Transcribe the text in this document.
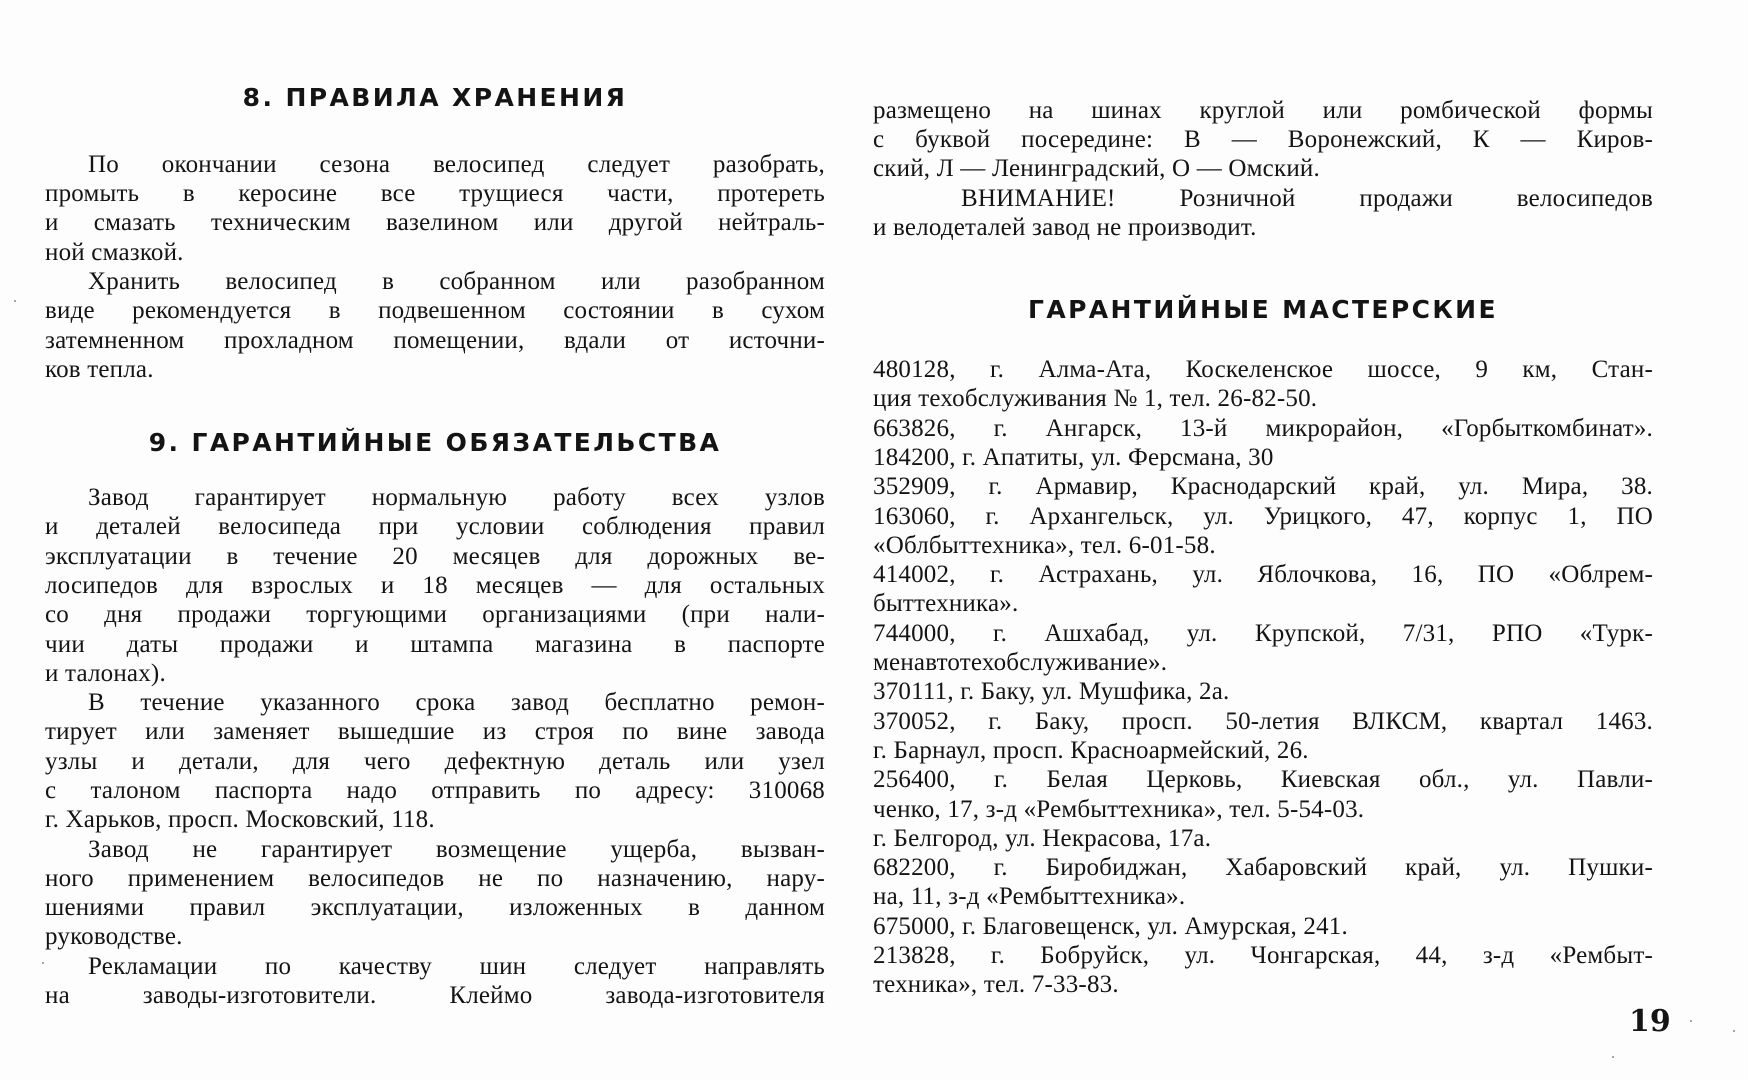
8. ПРАВИЛА ХРАНЕНИЯ
По окончании сезона велосипед следует разобрать,
промыть в керосине все трущиеся части, протереть
и смазать техническим вазелином или другой нейтраль-
ной смазкой.
Хранить велосипед в собранном или разобранном
виде рекомендуется в подвешенном состоянии в сухом
затемненном прохладном помещении, вдали от источни-
ков тепла.
9. ГАРАНТИЙНЫЕ ОБЯЗАТЕЛЬСТВА
Завод гарантирует нормальную работу всех узлов
и деталей велосипеда при условии соблюдения правил
эксплуатации в течение 20 месяцев для дорожных ве-
лосипедов для взрослых и 18 месяцев — для остальных
со дня продажи торгующими организациями (при нали-
чии даты продажи и штампа магазина в паспорте
и талонах).
В течение указанного срока завод бесплатно ремон-
тирует или заменяет вышедшие из строя по вине завода
узлы и детали, для чего дефектную деталь или узел
с талоном паспорта надо отправить по адресу: 310068
г. Харьков, просп. Московский, 118.
Завод не гарантирует возмещение ущерба, вызван-
ного применением велосипедов не по назначению, нару-
шениями правил эксплуатации, изложенных в данном
руководстве.
Рекламации по качеству шин следует направлять
на заводы-изготовители. Клеймо завода-изготовителя
размещено на шинах круглой или ромбической формы
с буквой посередине: В — Воронежский, К — Киров-
ский, Л — Ленинградский, О — Омский.
ВНИМАНИЕ! Розничной продажи велосипедов
и велодеталей завод не производит.
ГАРАНТИЙНЫЕ МАСТЕРСКИЕ
480128, г. Алма-Ата, Коскеленское шоссе, 9 км, Стан-
ция техобслуживания № 1, тел. 26-82-50.
663826, г. Ангарск, 13-й микрорайон, «Горбыткомбинат».
184200, г. Апатиты, ул. Ферсмана, 30
352909, г. Армавир, Краснодарский край, ул. Мира, 38.
163060, г. Архангельск, ул. Урицкого, 47, корпус 1, ПО
«Облбыттехника», тел. 6-01-58.
414002, г. Астрахань, ул. Яблочкова, 16, ПО «Облрем-
быттехника».
744000, г. Ашхабад, ул. Крупской, 7/31, РПО «Турк-
менавтотехобслуживание».
370111, г. Баку, ул. Мушфика, 2а.
370052, г. Баку, просп. 50-летия ВЛКСМ, квартал 1463.
г. Барнаул, просп. Красноармейский, 26.
256400, г. Белая Церковь, Киевская обл., ул. Павли-
ченко, 17, з-д «Рембыттехника», тел. 5-54-03.
г. Белгород, ул. Некрасова, 17а.
682200, г. Биробиджан, Хабаровский край, ул. Пушки-
на, 11, з-д «Рембыттехника».
675000, г. Благовещенск, ул. Амурская, 241.
213828, г. Бобруйск, ул. Чонгарская, 44, з-д «Рембыт-
техника», тел. 7-33-83.
19
